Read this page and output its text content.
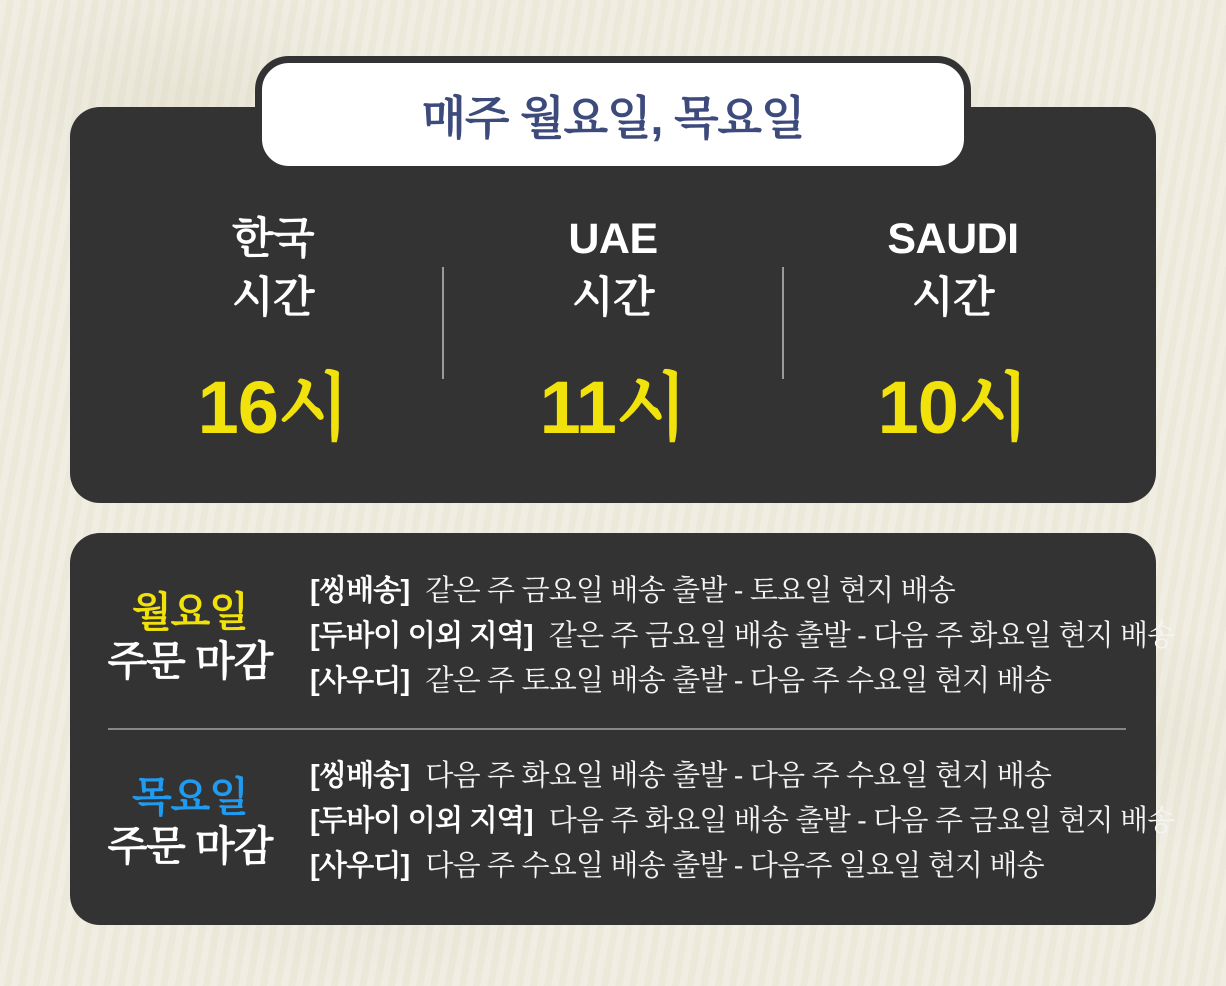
매주 월요일, 목요일
한국
시간
16시
UAE
시간
11시
SAUDI
시간
10시
월요일
주문 마감
[씽배송] 같은 주 금요일 배송 출발 - 토요일 현지 배송
[두바이 이외 지역] 같은 주 금요일 배송 출발 - 다음 주 화요일 현지 배송
[사우디] 같은 주 토요일 배송 출발 - 다음 주 수요일 현지 배송
목요일
주문 마감
[씽배송] 다음 주 화요일 배송 출발 - 다음 주 수요일 현지 배송
[두바이 이외 지역] 다음 주 화요일 배송 출발 - 다음 주 금요일 현지 배송
[사우디] 다음 주 수요일 배송 출발 - 다음주 일요일 현지 배송
